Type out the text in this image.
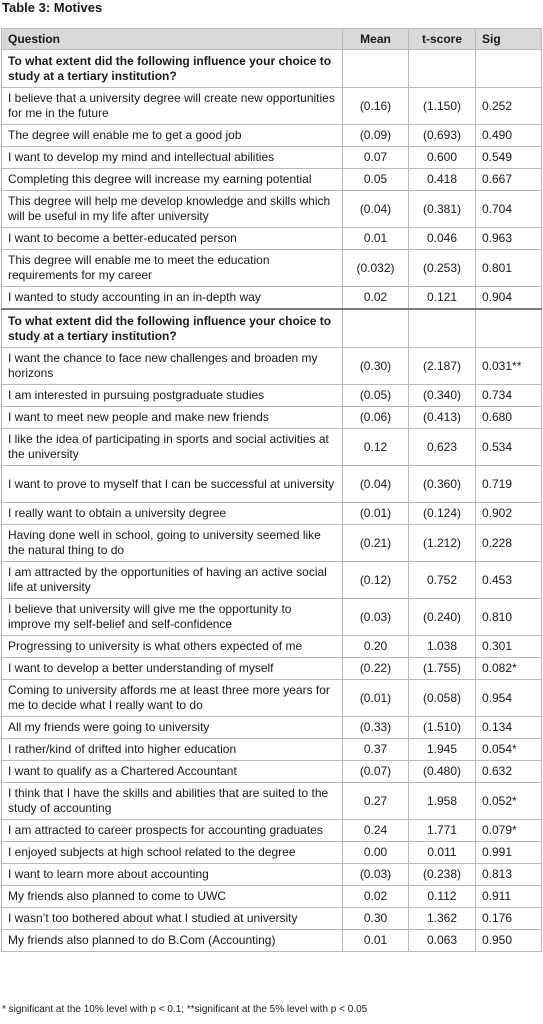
Table 3: Motives
Question	Mean	t-score	Sig
To what extent did the following influence your choice to study at a tertiary institution?			
I believe that a university degree will create new opportunities for me in the future	(0.16)	(1.150)	0.252
The degree will enable me to get a good job	(0.09)	(0.693)	0.490
I want to develop my mind and intellectual abilities	0.07	0.600	0.549
Completing this degree will increase my earning potential	0.05	0.418	0.667
This degree will help me develop knowledge and skills which will be useful in my life after university	(0.04)	(0.381)	0.704
I want to become a better-educated person	0.01	0.046	0.963
This degree will enable me to meet the education requirements for my career	(0.032)	(0.253)	0.801
I wanted to study accounting in an in-depth way	0.02	0.121	0.904
To what extent did the following influence your choice to study at a tertiary institution?			
I want the chance to face new challenges and broaden my horizons	(0.30)	(2.187)	0.031**
I am interested in pursuing postgraduate studies	(0.05)	(0.340)	0.734
I want to meet new people and make new friends	(0.06)	(0.413)	0.680
I like the idea of participating in sports and social activities at the university	0.12	0.623	0.534
I want to prove to myself that I can be successful at university	(0.04)	(0.360)	0.719
I really want to obtain a university degree	(0.01)	(0.124)	0.902
Having done well in school, going to university seemed like the natural thing to do	(0.21)	(1.212)	0.228
I am attracted by the opportunities of having an active social life at university	(0.12)	0.752	0.453
I believe that university will give me the opportunity to improve my self-belief and self-confidence	(0.03)	(0.240)	0.810
Progressing to university is what others expected of me	0.20	1.038	0.301
I want to develop a better understanding of myself	(0.22)	(1.755)	0.082*
Coming to university affords me at least three more years for me to decide what I really want to do	(0.01)	(0.058)	0.954
All my friends were going to university	(0.33)	(1.510)	0.134
I rather/kind of drifted into higher education	0.37	1.945	0.054*
I want to qualify as a Chartered Accountant	(0.07)	(0.480)	0.632
I think that I have the skills and abilities that are suited to the study of accounting	0.27	1.958	0.052*
I am attracted to career prospects for accounting graduates	0.24	1.771	0.079*
I enjoyed subjects at high school related to the degree	0.00	0.011	0.991
I want to learn more about accounting	(0.03)	(0.238)	0.813
My friends also planned to come to UWC	0.02	0.112	0.911
I wasn’t too bothered about what I studied at university	0.30	1.362	0.176
My friends also planned to do B.Com (Accounting)	0.01	0.063	0.950
* significant at the 10% level with p < 0.1; **significant at the 5% level with p < 0.05
